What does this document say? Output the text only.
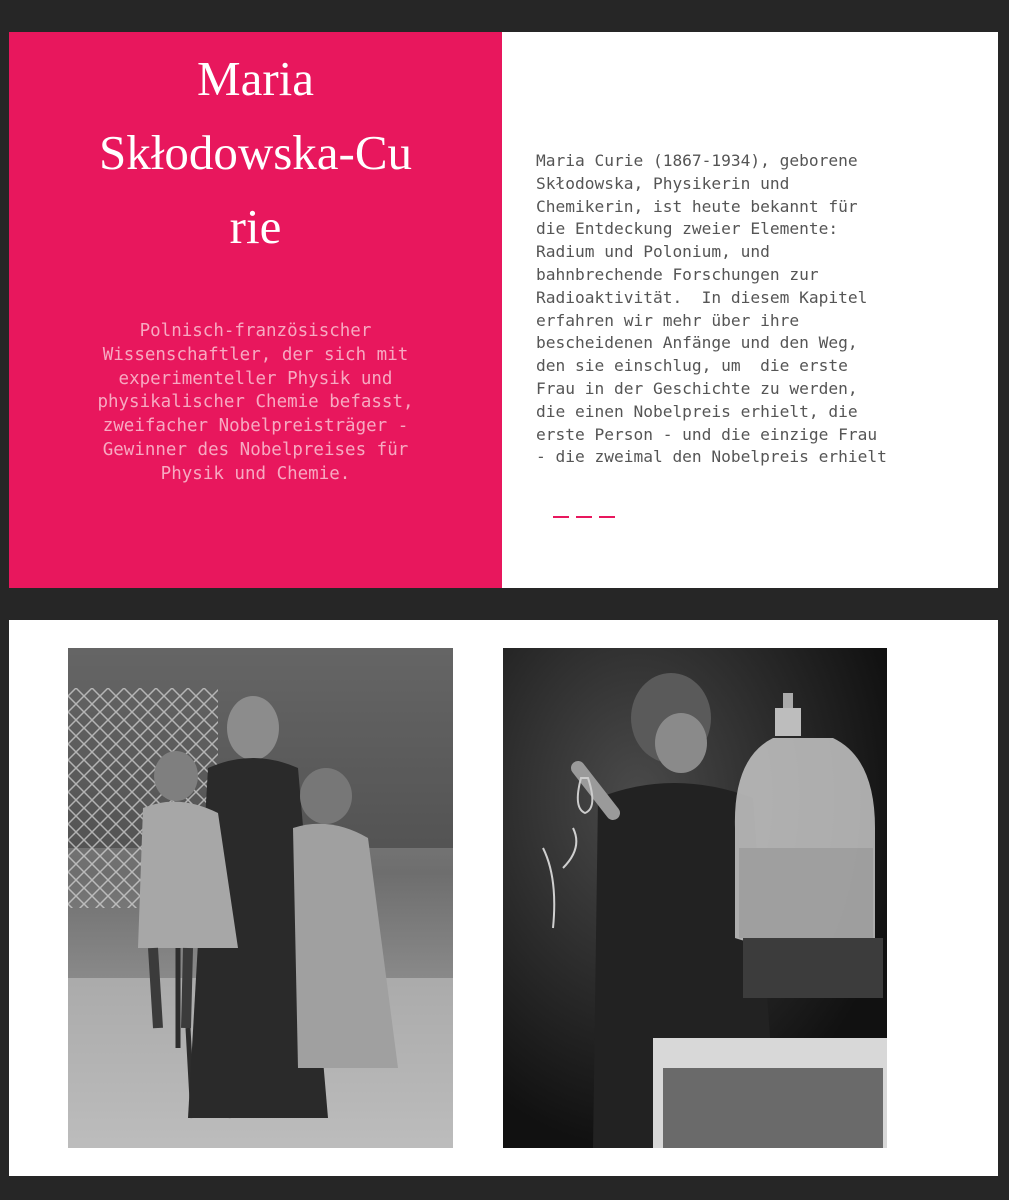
Maria
Skłodowska-Cu
rie

Polnisch-französischer
Wissenschaftler, der sich mit
experimenteller Physik und
physikalischer Chemie befasst,
zweifacher Nobelpreisträger -
Gewinner des Nobelpreises für
Physik und Chemie.

Maria Curie (1867-1934), geborene
Skłodowska, Physikerin und
Chemikerin, ist heute bekannt für
die Entdeckung zweier Elemente:
Radium und Polonium, und
bahnbrechende Forschungen zur
Radioaktivität.  In diesem Kapitel
erfahren wir mehr über ihre
bescheidenen Anfänge und den Weg,
den sie einschlug, um  die erste
Frau in der Geschichte zu werden,
die einen Nobelpreis erhielt, die
erste Person - und die einzige Frau
- die zweimal den Nobelpreis erhielt
